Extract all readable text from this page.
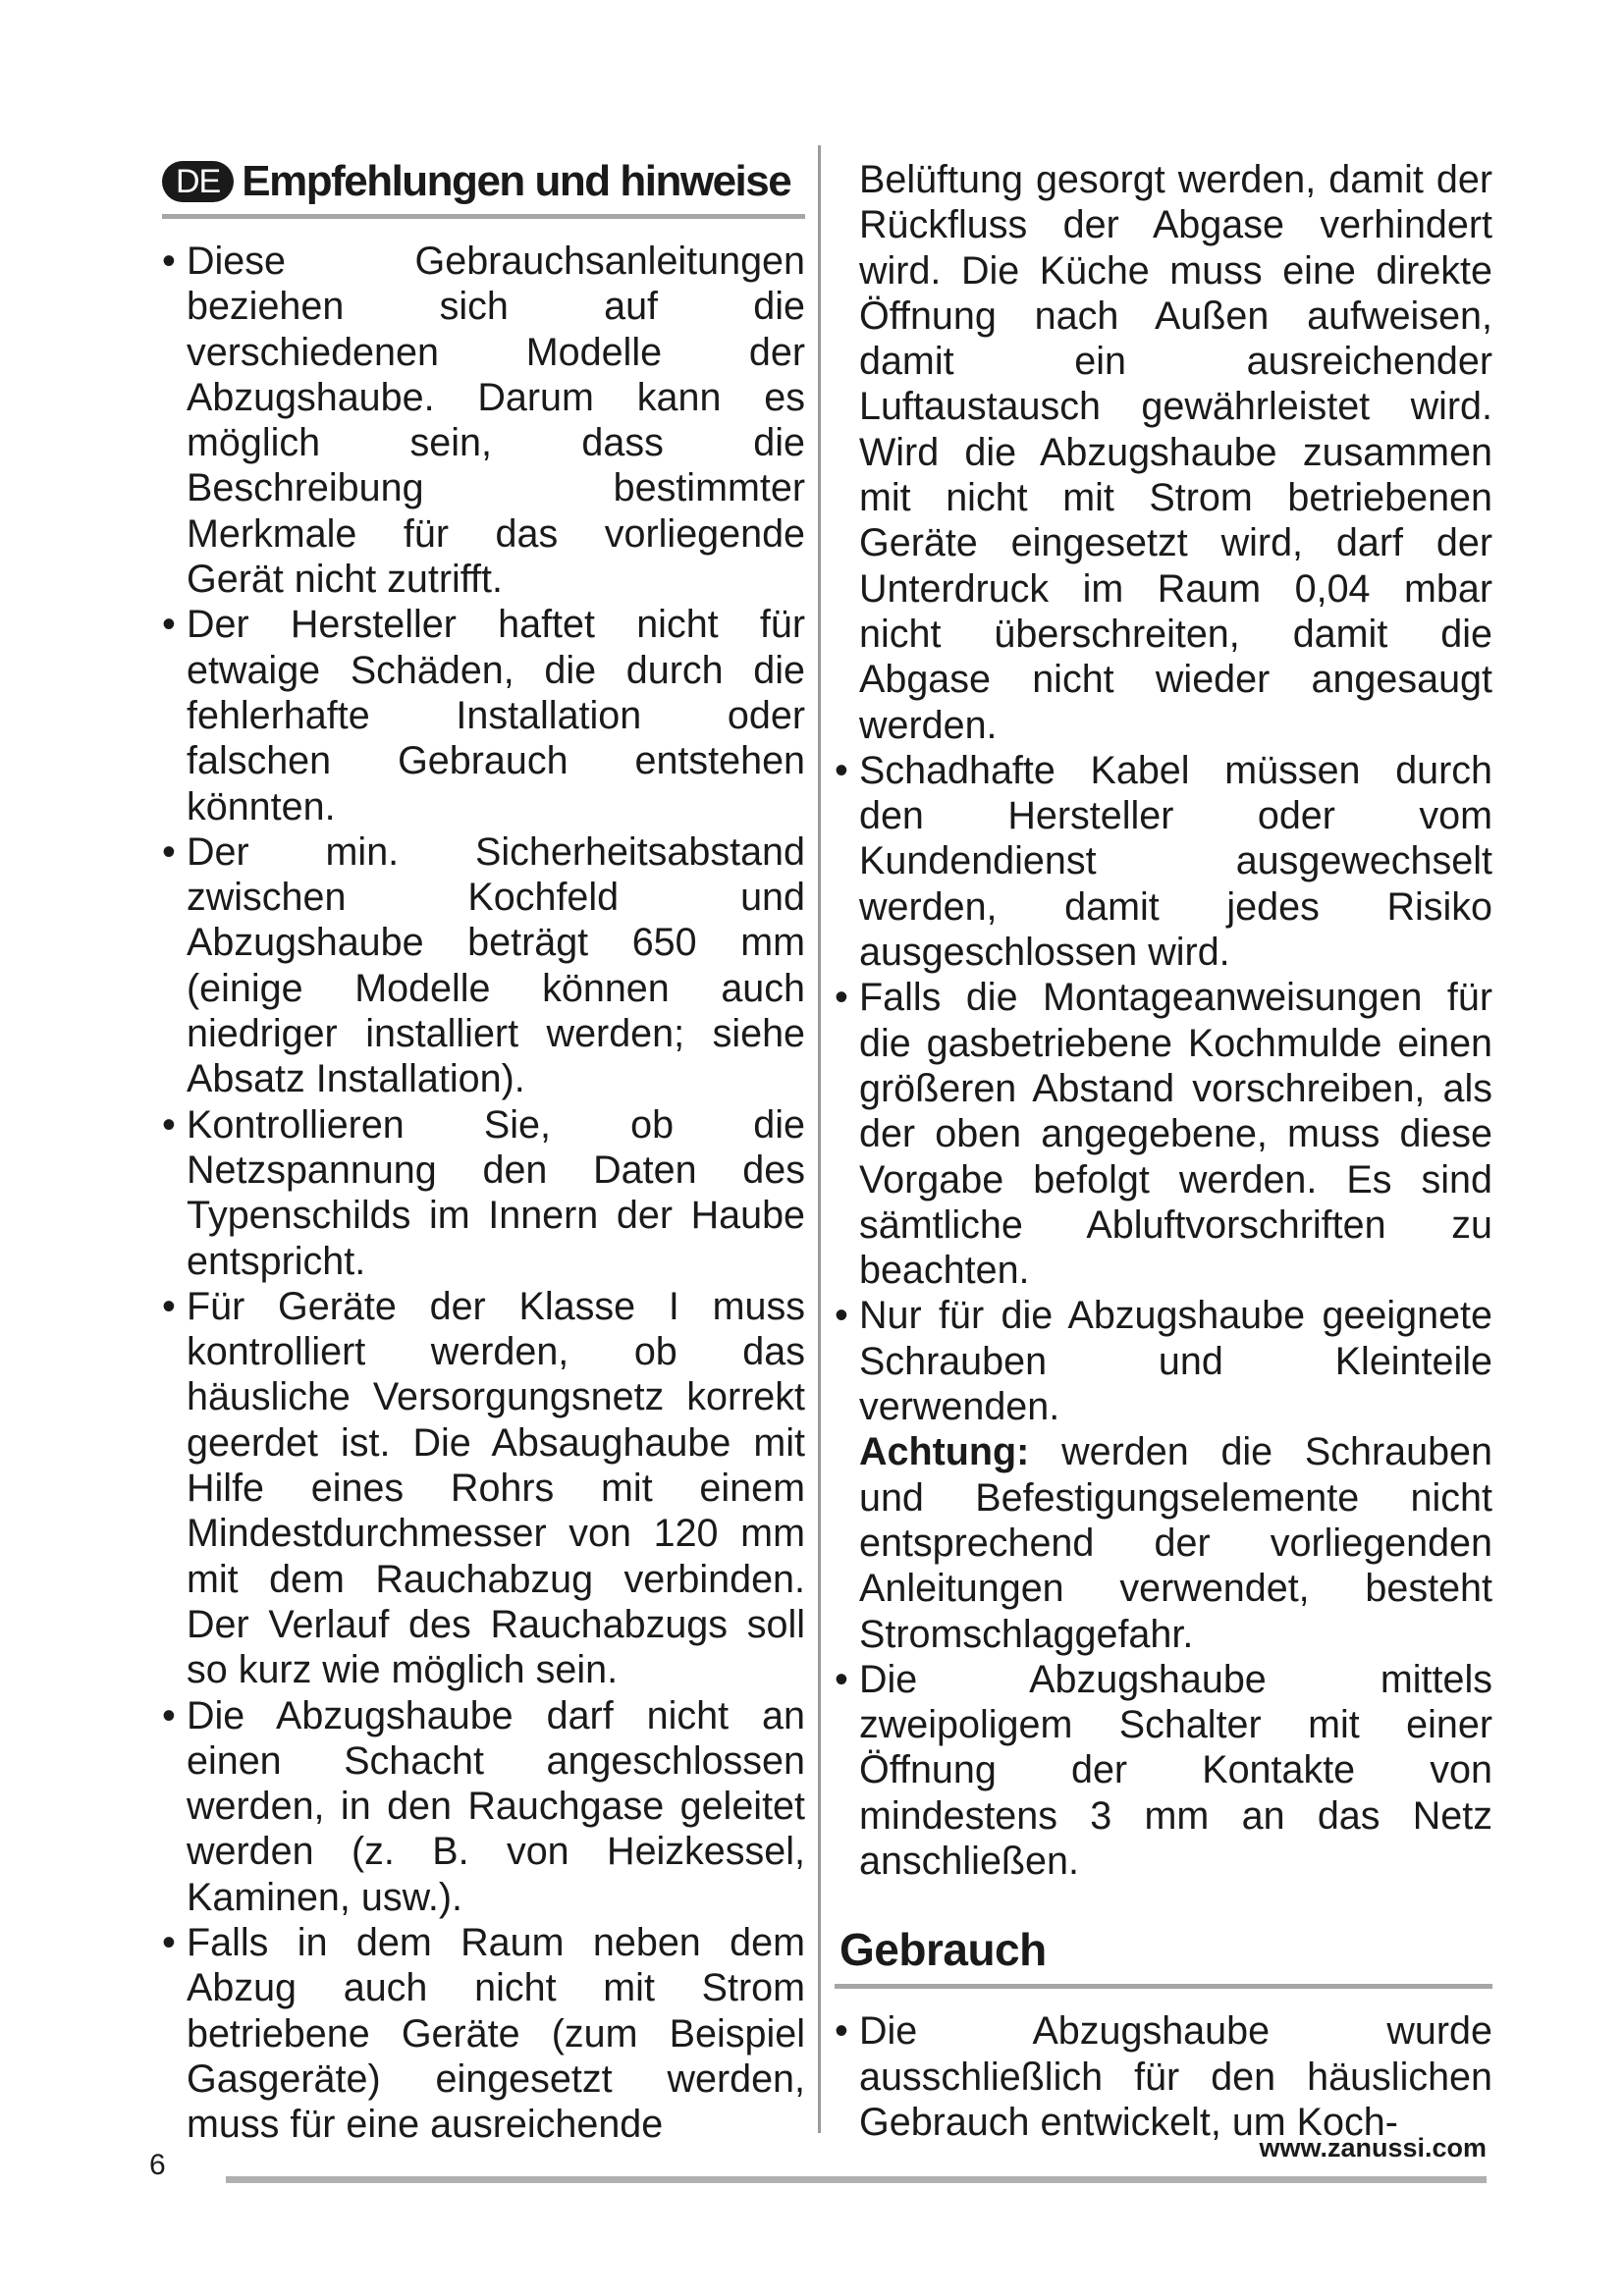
DE Empfehlungen und hinweise
• Diese Gebrauchsanleitungen beziehen sich auf die verschiedenen Modelle der Abzugshaube. Darum kann es möglich sein, dass die Beschreibung bestimmter Merkmale für das vorliegende Gerät nicht zutrifft.
• Der Hersteller haftet nicht für etwaige Schäden, die durch die fehlerhafte Installation oder falschen Gebrauch entstehen könnten.
• Der min. Sicherheitsabstand zwischen Kochfeld und Abzugshaube beträgt 650 mm (einige Modelle können auch niedriger installiert werden; siehe Absatz Installation).
• Kontrollieren Sie, ob die Netzspannung den Daten des Typenschilds im Innern der Haube entspricht.
• Für Geräte der Klasse I muss kontrolliert werden, ob das häusliche Versorgungsnetz korrekt geerdet ist. Die Absaughaube mit Hilfe eines Rohrs mit einem Mindestdurchmesser von 120 mm mit dem Rauchabzug verbinden. Der Verlauf des Rauchabzugs soll so kurz wie möglich sein.
• Die Abzugshaube darf nicht an einen Schacht angeschlossen werden, in den Rauchgase geleitet werden (z. B. von Heizkessel, Kaminen, usw.).
• Falls in dem Raum neben dem Abzug auch nicht mit Strom betriebene Geräte (zum Beispiel Gasgeräte) eingesetzt werden, muss für eine ausreichende

Belüftung gesorgt werden, damit der Rückfluss der Abgase verhindert wird. Die Küche muss eine direkte Öffnung nach Außen aufweisen, damit ein ausreichender Luftaustausch gewährleistet wird. Wird die Abzugshaube zusammen mit nicht mit Strom betriebenen Geräte eingesetzt wird, darf der Unterdruck im Raum 0,04 mbar nicht überschreiten, damit die Abgase nicht wieder angesaugt werden.

• Schadhafte Kabel müssen durch den Hersteller oder vom Kundendienst ausgewechselt werden, damit jedes Risiko ausgeschlossen wird.
• Falls die Montageanweisungen für die gasbetriebene Kochmulde einen größeren Abstand vorschreiben, als der oben angegebene, muss diese Vorgabe befolgt werden. Es sind sämtliche Abluftvorschriften zu beachten.
• Nur für die Abzugshaube geeignete Schrauben und Kleinteile verwenden.
Achtung: werden die Schrauben und Befestigungselemente nicht entsprechend der vorliegenden Anleitungen verwendet, besteht Stromschlaggefahr.
• Die Abzugshaube mittels zweipoligem Schalter mit einer Öffnung der Kontakte von mindestens 3 mm an das Netz anschließen.
Gebrauch
• Die Abzugshaube wurde ausschließlich für den häuslichen Gebrauch entwickelt, um Koch-
6
www.zanussi.com
